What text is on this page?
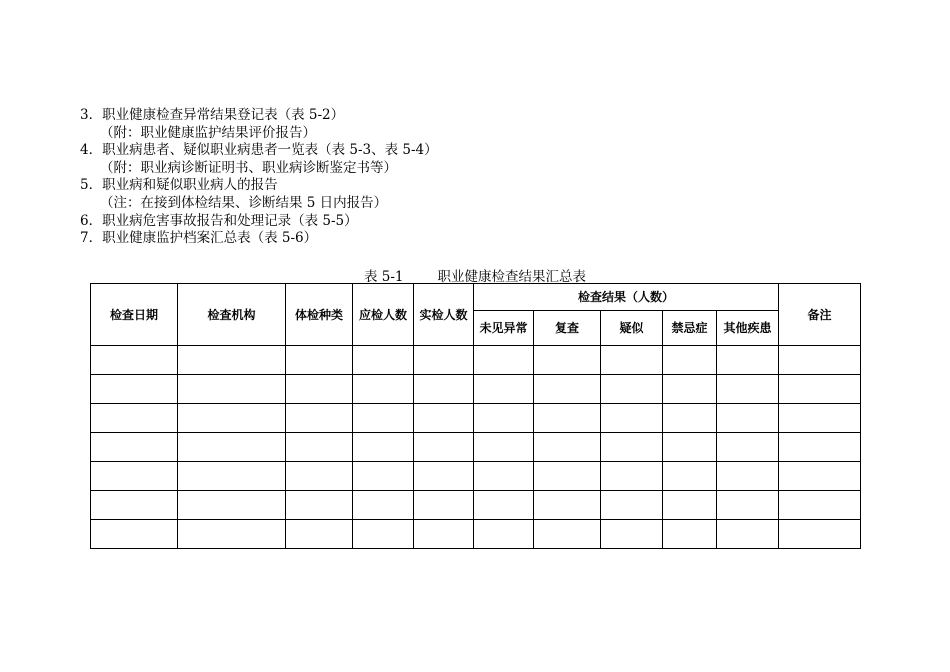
3．职业健康检查异常结果登记表（表 5-2）
（附：职业健康监护结果评价报告）
4．职业病患者、疑似职业病患者一览表（表 5-3、表 5-4）
（附：职业病诊断证明书、职业病诊断鉴定书等）
5．职业病和疑似职业病人的报告
（注：在接到体检结果、诊断结果 5 日内报告）
6．职业病危害事故报告和处理记录（表 5-5）
7．职业健康监护档案汇总表（表 5-6）
表 5-1	职业健康检查结果汇总表
检查日期	检查机构	体检种类	应检人数	实检人数	检查结果（人数）					备注
					未见异常	复查	疑似	禁忌症	其他疾患	
